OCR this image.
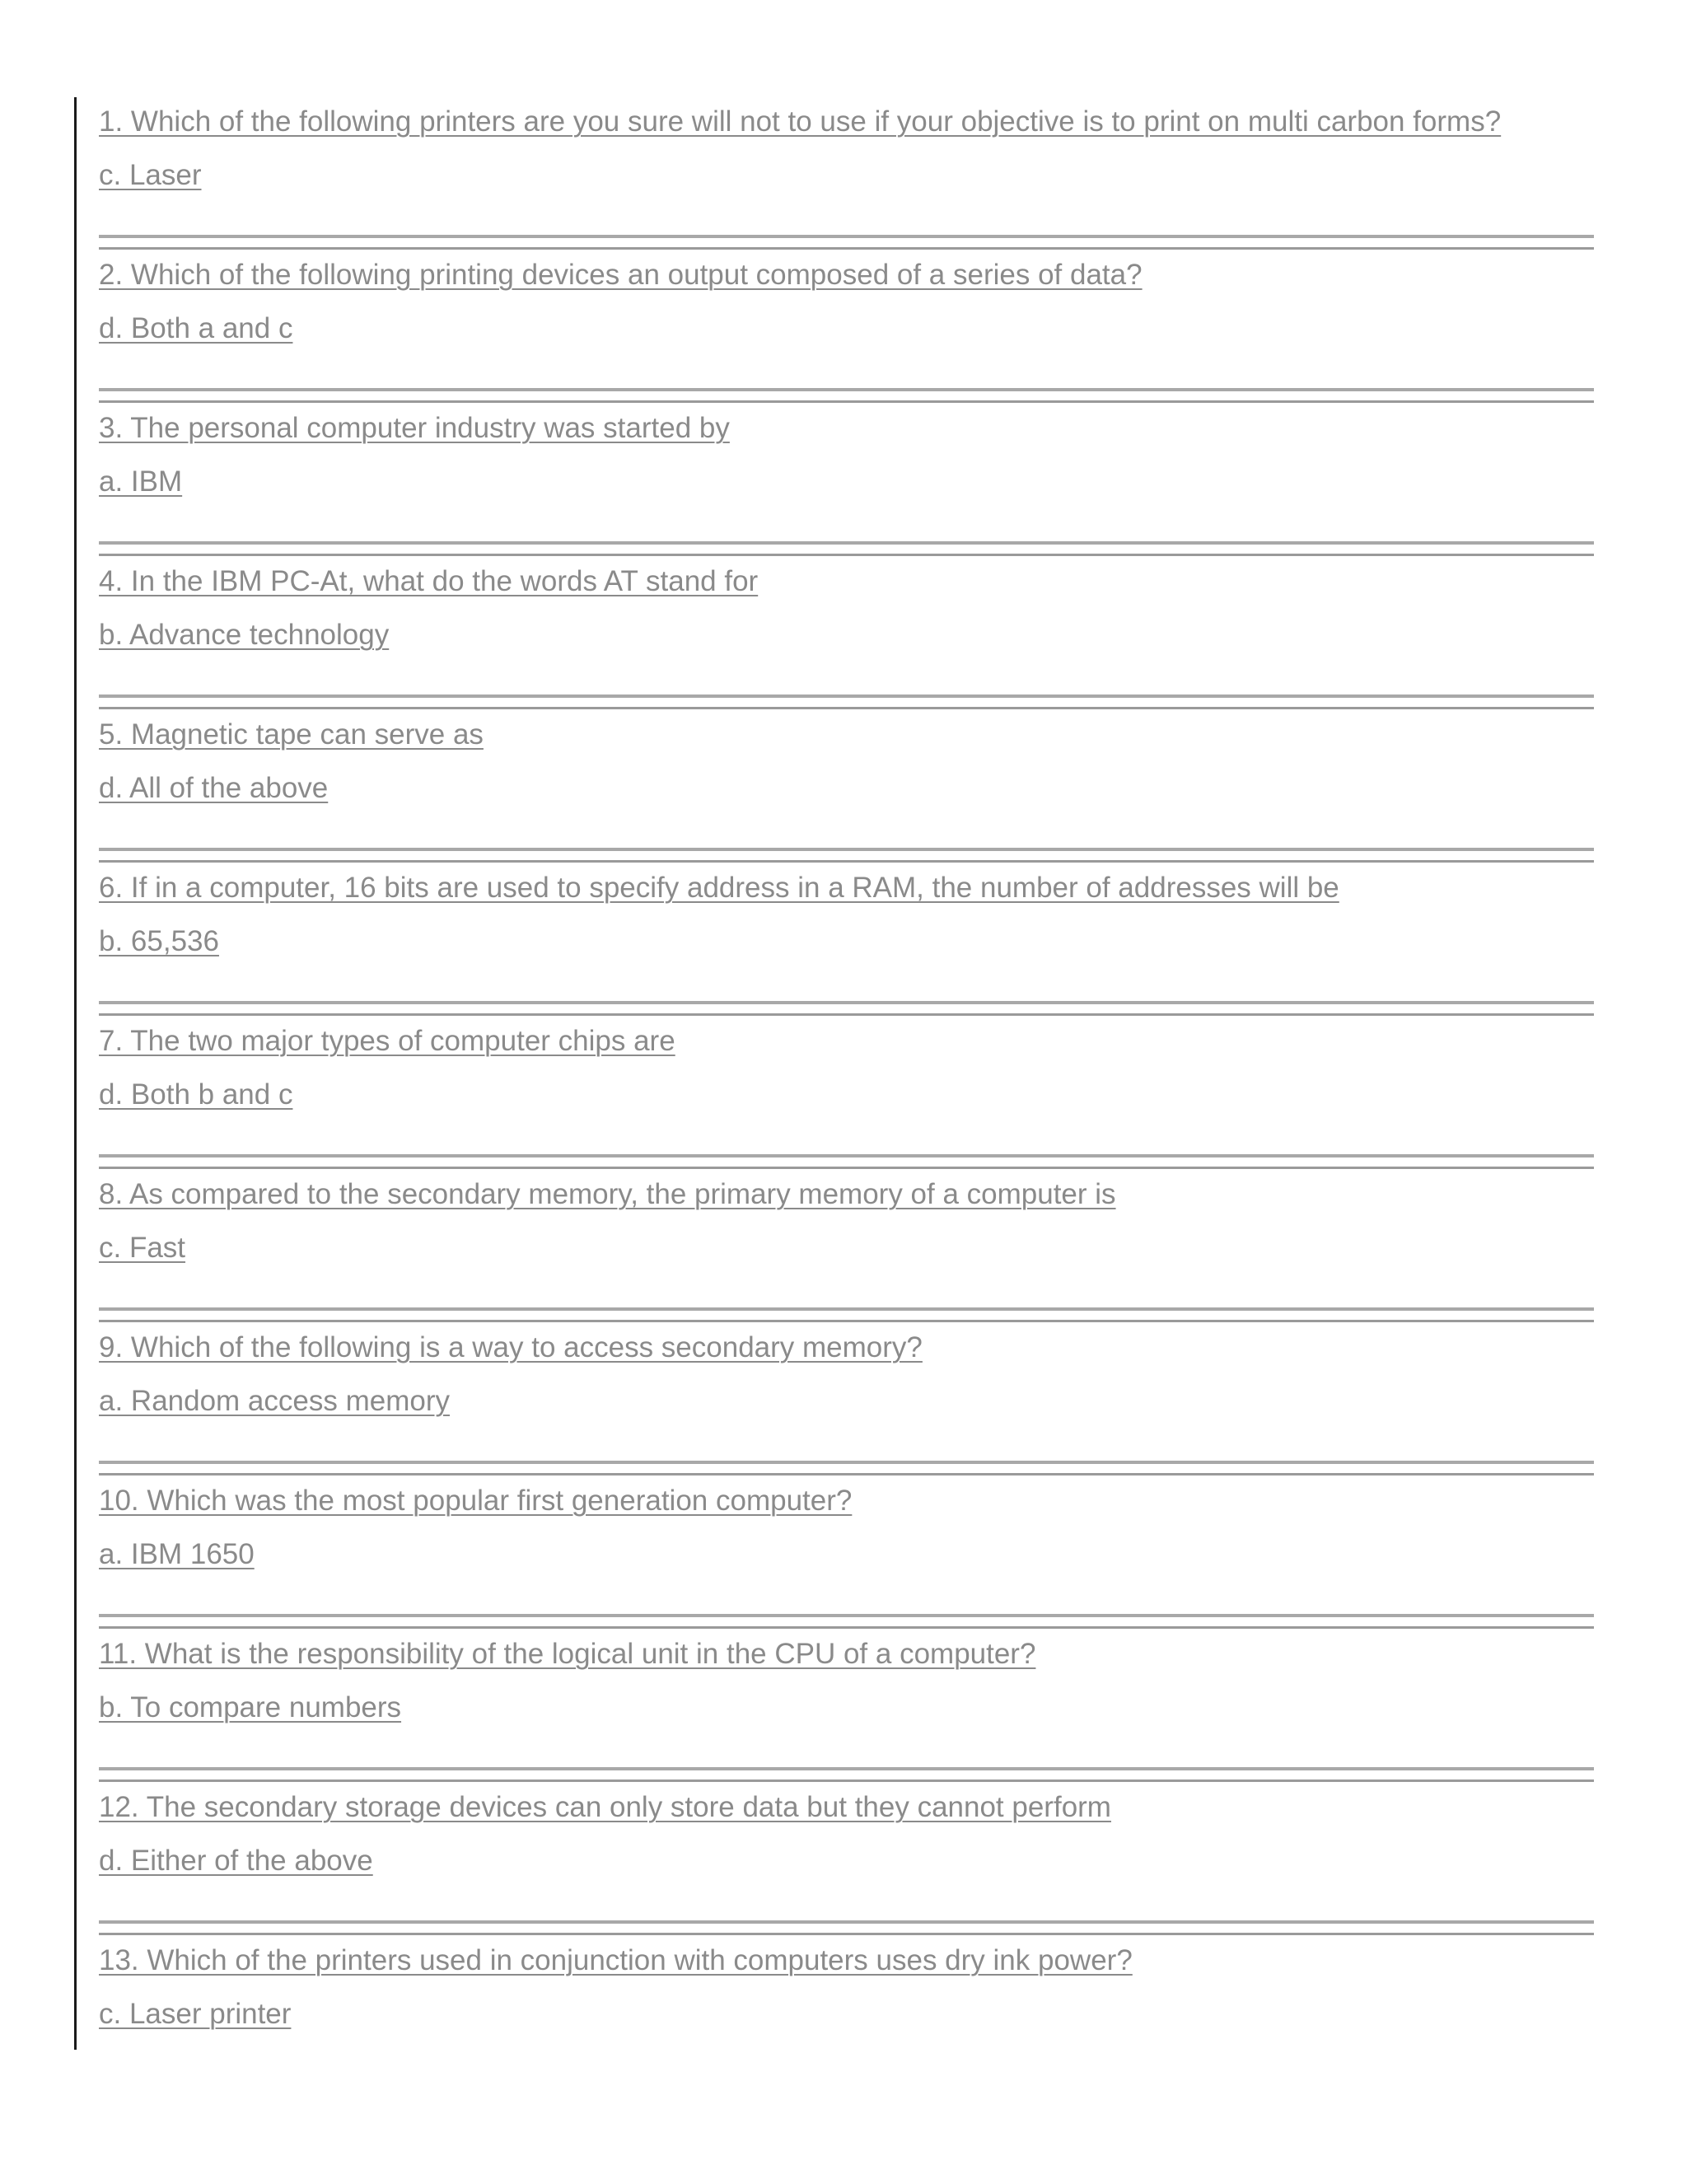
1. Which of the following printers are you sure will not to use if your objective is to print on multi carbon forms?
c. Laser
2. Which of the following printing devices an output composed of a series of data?
d. Both a and c
3. The personal computer industry was started by
a. IBM
4. In the IBM PC-At, what do the words AT stand for
b. Advance technology
5. Magnetic tape can serve as
d. All of the above
6. If in a computer, 16 bits are used to specify address in a RAM, the number of addresses will be
b. 65,536
7. The two major types of computer chips are
d. Both b and c
8. As compared to the secondary memory, the primary memory of a computer is
c. Fast
9. Which of the following is a way to access secondary memory?
a. Random access memory
10. Which was the most popular first generation computer?
a. IBM 1650
11. What is the responsibility of the logical unit in the CPU of a computer?
b. To compare numbers
12. The secondary storage devices can only store data but they cannot perform
d. Either of the above
13. Which of the printers used in conjunction with computers uses dry ink power?
c. Laser printer
